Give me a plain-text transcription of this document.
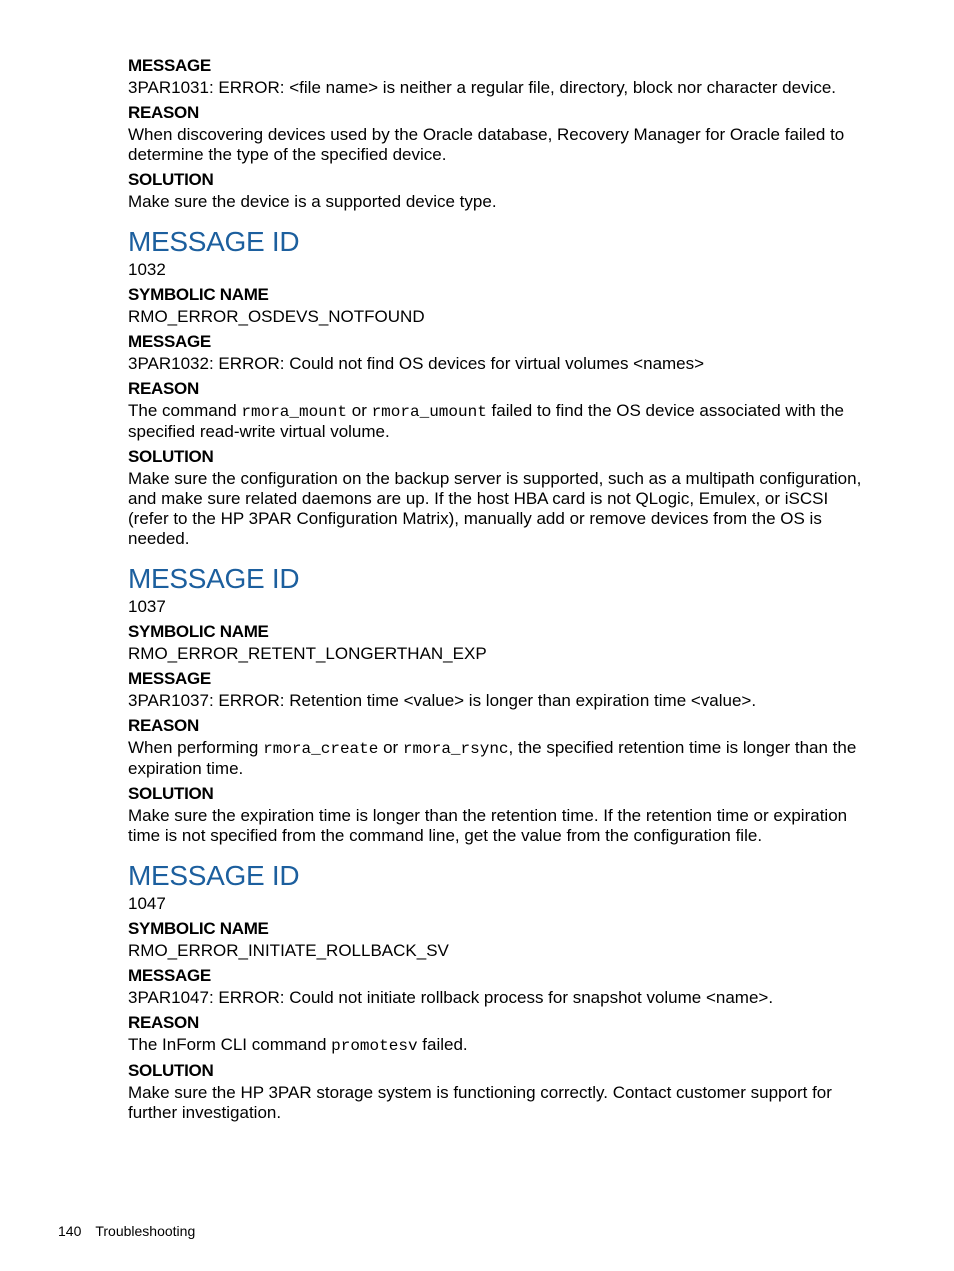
MESSAGE
3PAR1031: ERROR: <file name> is neither a regular file, directory, block nor character device.
REASON
When discovering devices used by the Oracle database, Recovery Manager for Oracle failed to determine the type of the specified device.
SOLUTION
Make sure the device is a supported device type.
MESSAGE ID
1032
SYMBOLIC NAME
RMO_ERROR_OSDEVS_NOTFOUND
MESSAGE
3PAR1032: ERROR: Could not find OS devices for virtual volumes <names>
REASON
The command rmora_mount or rmora_umount failed to find the OS device associated with the specified read-write virtual volume.
SOLUTION
Make sure the configuration on the backup server is supported, such as a multipath configuration, and make sure related daemons are up. If the host HBA card is not QLogic, Emulex, or iSCSI (refer to the HP 3PAR Configuration Matrix), manually add or remove devices from the OS is needed.
MESSAGE ID
1037
SYMBOLIC NAME
RMO_ERROR_RETENT_LONGERTHAN_EXP
MESSAGE
3PAR1037: ERROR: Retention time <value> is longer than expiration time <value>.
REASON
When performing rmora_create or rmora_rsync, the specified retention time is longer than the expiration time.
SOLUTION
Make sure the expiration time is longer than the retention time. If the retention time or expiration time is not specified from the command line, get the value from the configuration file.
MESSAGE ID
1047
SYMBOLIC NAME
RMO_ERROR_INITIATE_ROLLBACK_SV
MESSAGE
3PAR1047: ERROR: Could not initiate rollback process for snapshot volume <name>.
REASON
The InForm CLI command promotesv failed.
SOLUTION
Make sure the HP 3PAR storage system is functioning correctly. Contact customer support for further investigation.
140 Troubleshooting
